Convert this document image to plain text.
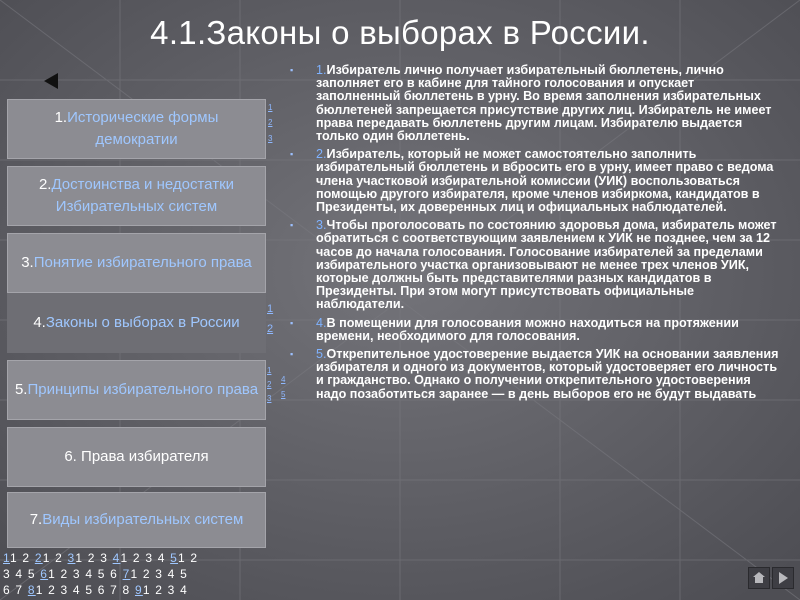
4.1.Законы о выборах в России.
1.Исторические формы демократии
2.Достоинства и недостатки Избирательных систем
3.Понятие избирательного права
4.Законы о выборах в России
5.Принципы избирательного права
6. Права избирателя
7.Виды избирательных систем
1
2
3
1
2
1
2
3
4
5
▪	1.Избиратель лично получает избирательный бюллетень, лично заполняет его в кабине для тайного голосования и опускает заполненный бюллетень в урну. Во время заполнения избирательных бюллетеней запрещается присутствие других лиц. Избиратель не имеет права передавать бюллетень другим лицам. Избирателю выдается только один бюллетень.
▪	2.Избиратель, который не может самостоятельно заполнить избирательный бюллетень и вбросить его в урну, имеет право с ведома члена участковой избирательной комиссии (УИК) воспользоваться помощью другого избирателя, кроме членов избиркома, кандидатов в Президенты, их доверенных лиц и официальных наблюдателей.
▪	3.Чтобы проголосовать по состоянию здоровья дома, избиратель может обратиться с соответствующим заявлением к УИК не позднее, чем за 12 часов до начала голосования. Голосование избирателей за пределами избирательного участка организовывают не менее трех членов УИК, которые должны быть представителями разных кандидатов в Президенты. При этом могут присутствовать официальные наблюдатели.
▪	4.В помещении для голосования можно находиться на протяжении времени, необходимого для голосования.
▪	5.Открепительное удостоверение выдается УИК на основании заявления избирателя и одного из документов, который удостоверяет его личность и гражданство. Однако о получении открепительного удостоверения надо позаботиться заранее — в день выборов его не будут выдавать
11 2 21 2 31 2 3 41 2 3 4 51 2
3 4 5 61 2 3 4 5 6 71 2 3 4 5
6 7 81 2 3 4 5 6 7 8 91 2 3 4
